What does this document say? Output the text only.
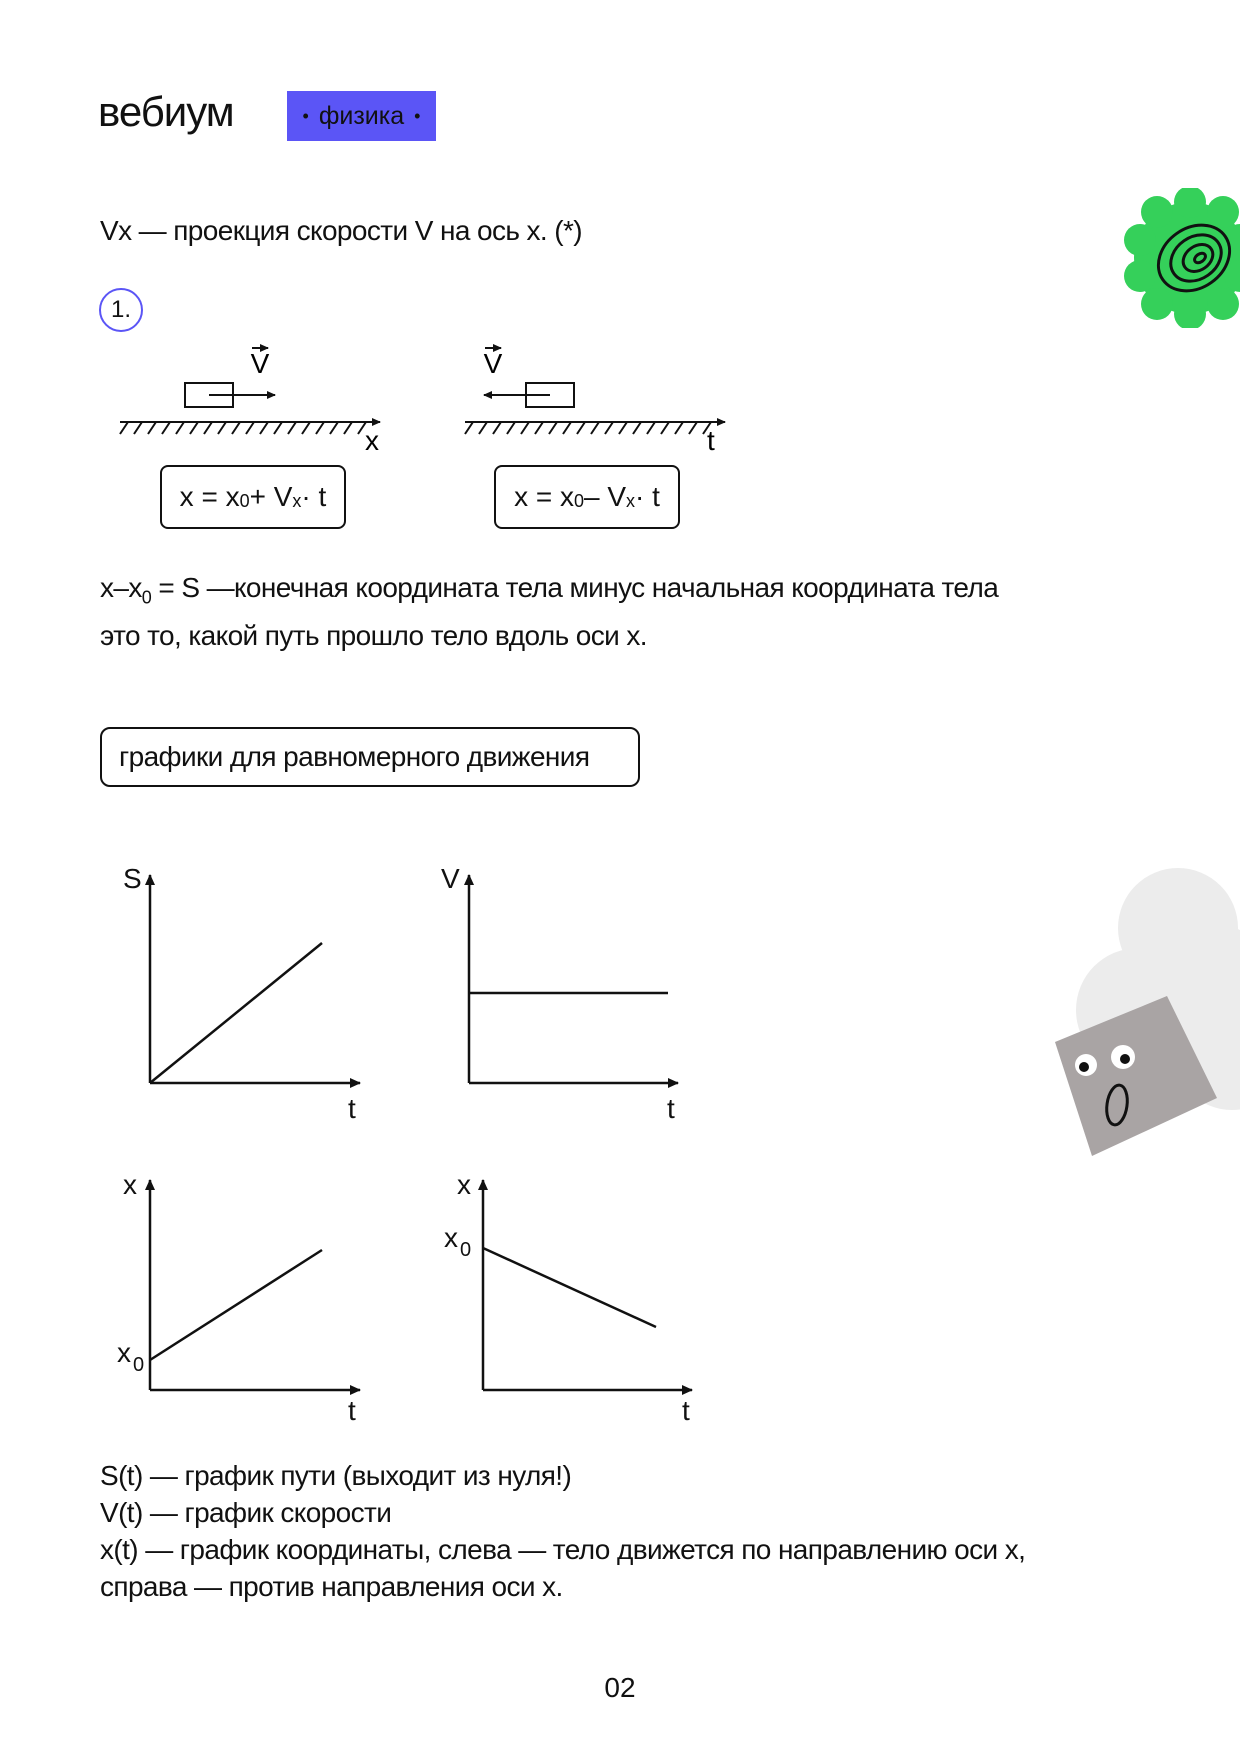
вебиум	• физика •
Vx — проекция скорости V на ось x. (*)
1.
V
x
V
t
$x = x_0 + V_x \cdot t$	$x = x_0 - V_x \cdot t$
$x-x_0 = S$ —конечная координата тела минус начальная координата тела
это то, какой путь прошло тело вдоль оси x.
графики для равномерного движения
S
t
V
t
x
t
x 0
x
t
x 0
S(t) — график пути (выходит из нуля!)
V(t) — график скорости
x(t) — график координаты, слева — тело движется по направлению оси x,
справа — против направления оси x.
02
